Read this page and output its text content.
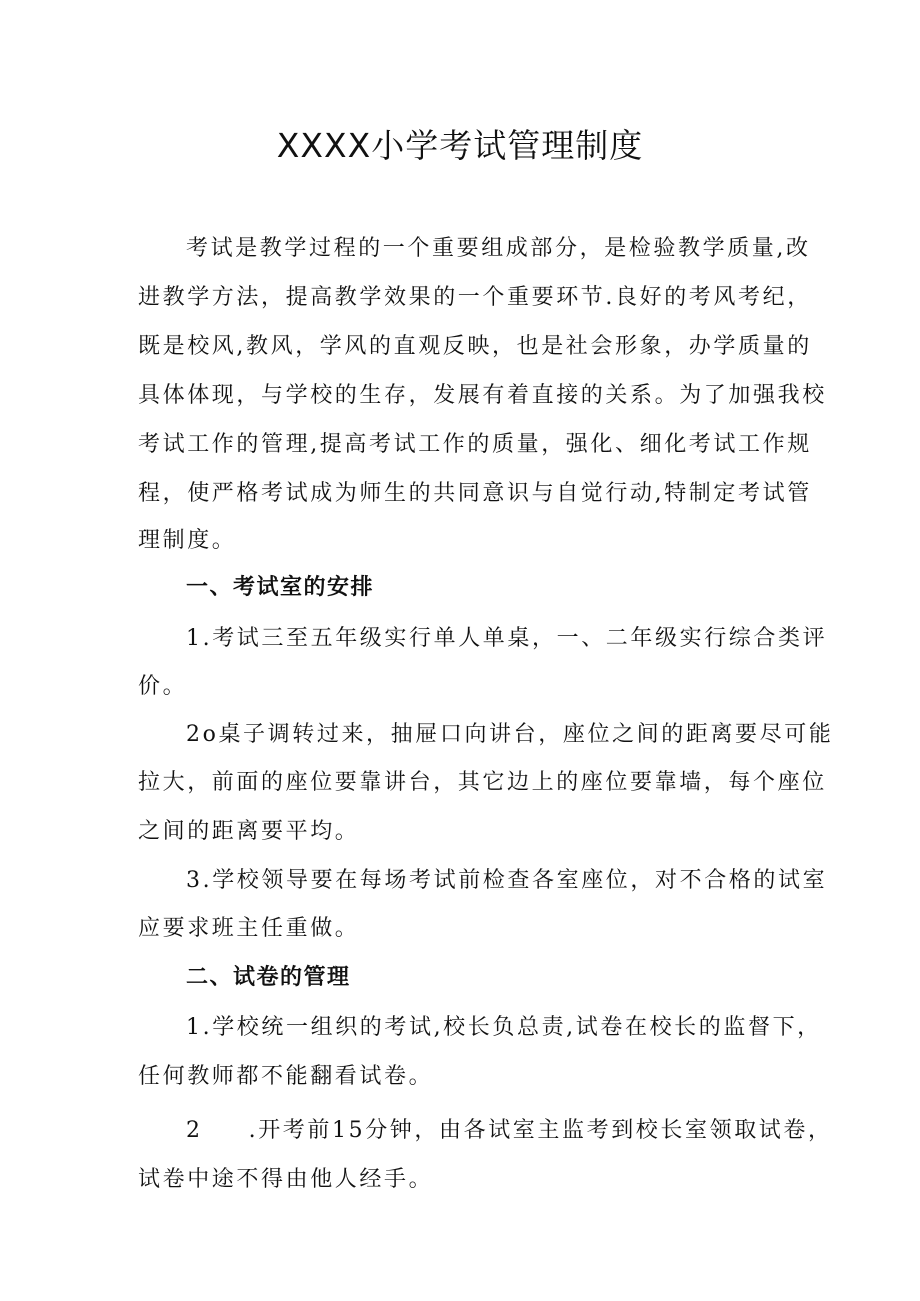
XXXX小学考试管理制度
考试是教学过程的一个重要组成部分，是检验教学质量,改
进教学方法，提高教学效果的一个重要环节.良好的考风考纪，
既是校风,教风，学风的直观反映，也是社会形象，办学质量的
具体体现，与学校的生存，发展有着直接的关系。为了加强我校
考试工作的管理,提高考试工作的质量，强化、细化考试工作规
程，使严格考试成为师生的共同意识与自觉行动,特制定考试管
理制度。
一、考试室的安排
1.考试三至五年级实行单人单桌，一、二年级实行综合类评
价。
2o桌子调转过来，抽屉口向讲台，座位之间的距离要尽可能
拉大，前面的座位要靠讲台，其它边上的座位要靠墙，每个座位
之间的距离要平均。
3.学校领导要在每场考试前检查各室座位，对不合格的试室
应要求班主任重做。
二、试卷的管理
1.学校统一组织的考试,校长负总责,试卷在校长的监督下，
任何教师都不能翻看试卷。
2 .开考前15分钟，由各试室主监考到校长室领取试卷，
试卷中途不得由他人经手。
